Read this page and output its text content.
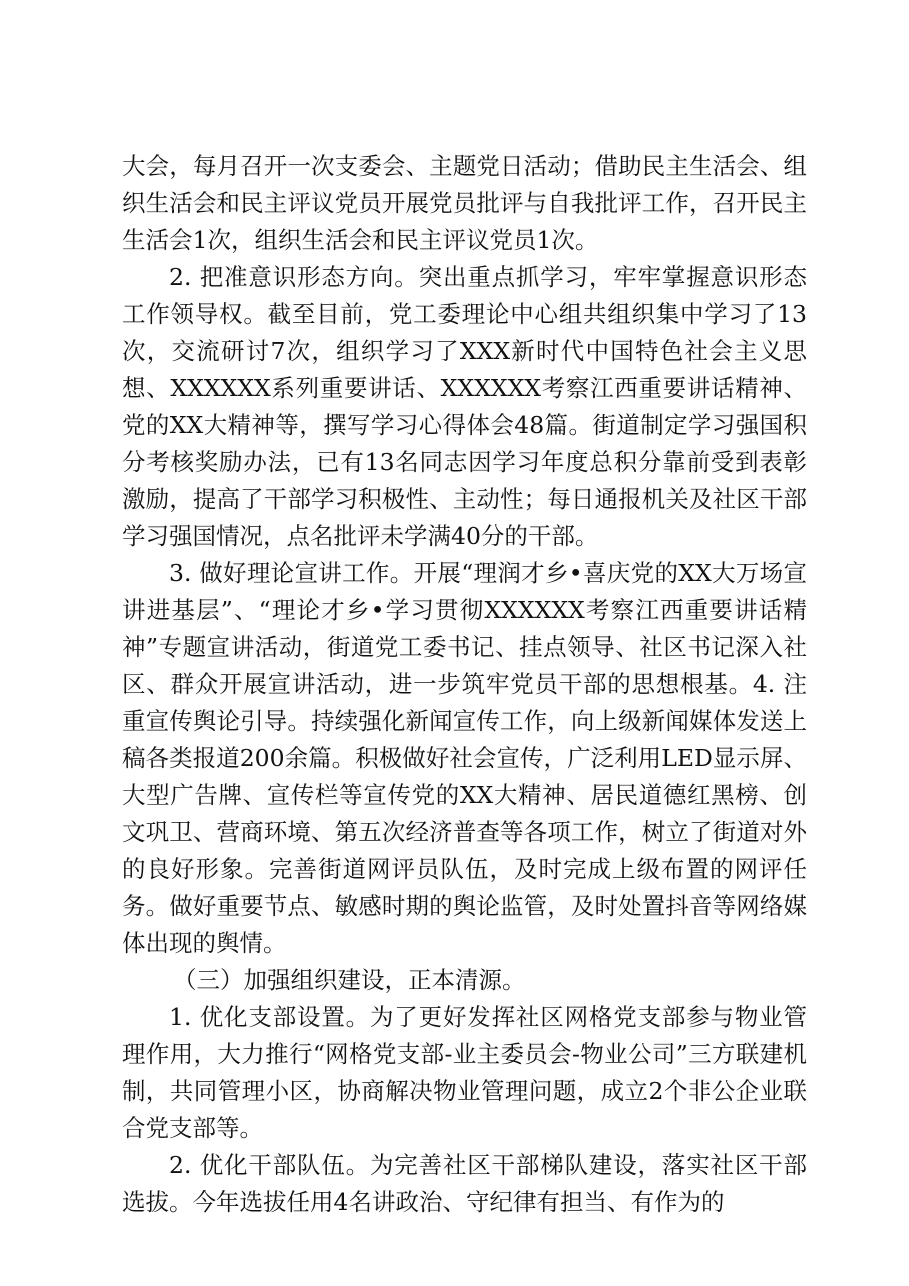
大会，每月召开一次支委会、主题党日活动；借助民主生活会、组织生活会和民主评议党员开展党员批评与自我批评工作，召开民主生活会1次，组织生活会和民主评议党员1次。

2. 把准意识形态方向。突出重点抓学习，牢牢掌握意识形态工作领导权。截至目前，党工委理论中心组共组织集中学习了13次，交流研讨7次，组织学习了XXX新时代中国特色社会主义思想、XXXXXX系列重要讲话、XXXXXX考察江西重要讲话精神、党的XX大精神等，撰写学习心得体会48篇。街道制定学习强国积分考核奖励办法，已有13名同志因学习年度总积分靠前受到表彰激励，提高了干部学习积极性、主动性；每日通报机关及社区干部学习强国情况，点名批评未学满40分的干部。

3. 做好理论宣讲工作。开展“理润才乡•喜庆党的XX大万场宣讲进基层”、“理论才乡•学习贯彻XXXXXX考察江西重要讲话精神”专题宣讲活动，街道党工委书记、挂点领导、社区书记深入社区、群众开展宣讲活动，进一步筑牢党员干部的思想根基。4. 注重宣传舆论引导。持续强化新闻宣传工作，向上级新闻媒体发送上稿各类报道200余篇。积极做好社会宣传，广泛利用LED显示屏、大型广告牌、宣传栏等宣传党的XX大精神、居民道德红黑榜、创文巩卫、营商环境、第五次经济普查等各项工作，树立了街道对外的良好形象。完善街道网评员队伍，及时完成上级布置的网评任务。做好重要节点、敏感时期的舆论监管，及时处置抖音等网络媒体出现的舆情。

（三）加强组织建设，正本清源。

1. 优化支部设置。为了更好发挥社区网格党支部参与物业管理作用，大力推行“网格党支部-业主委员会-物业公司”三方联建机制，共同管理小区，协商解决物业管理问题，成立2个非公企业联合党支部等。

2. 优化干部队伍。为完善社区干部梯队建设，落实社区干部选拔。今年选拔任用4名讲政治、守纪律有担当、有作为的
